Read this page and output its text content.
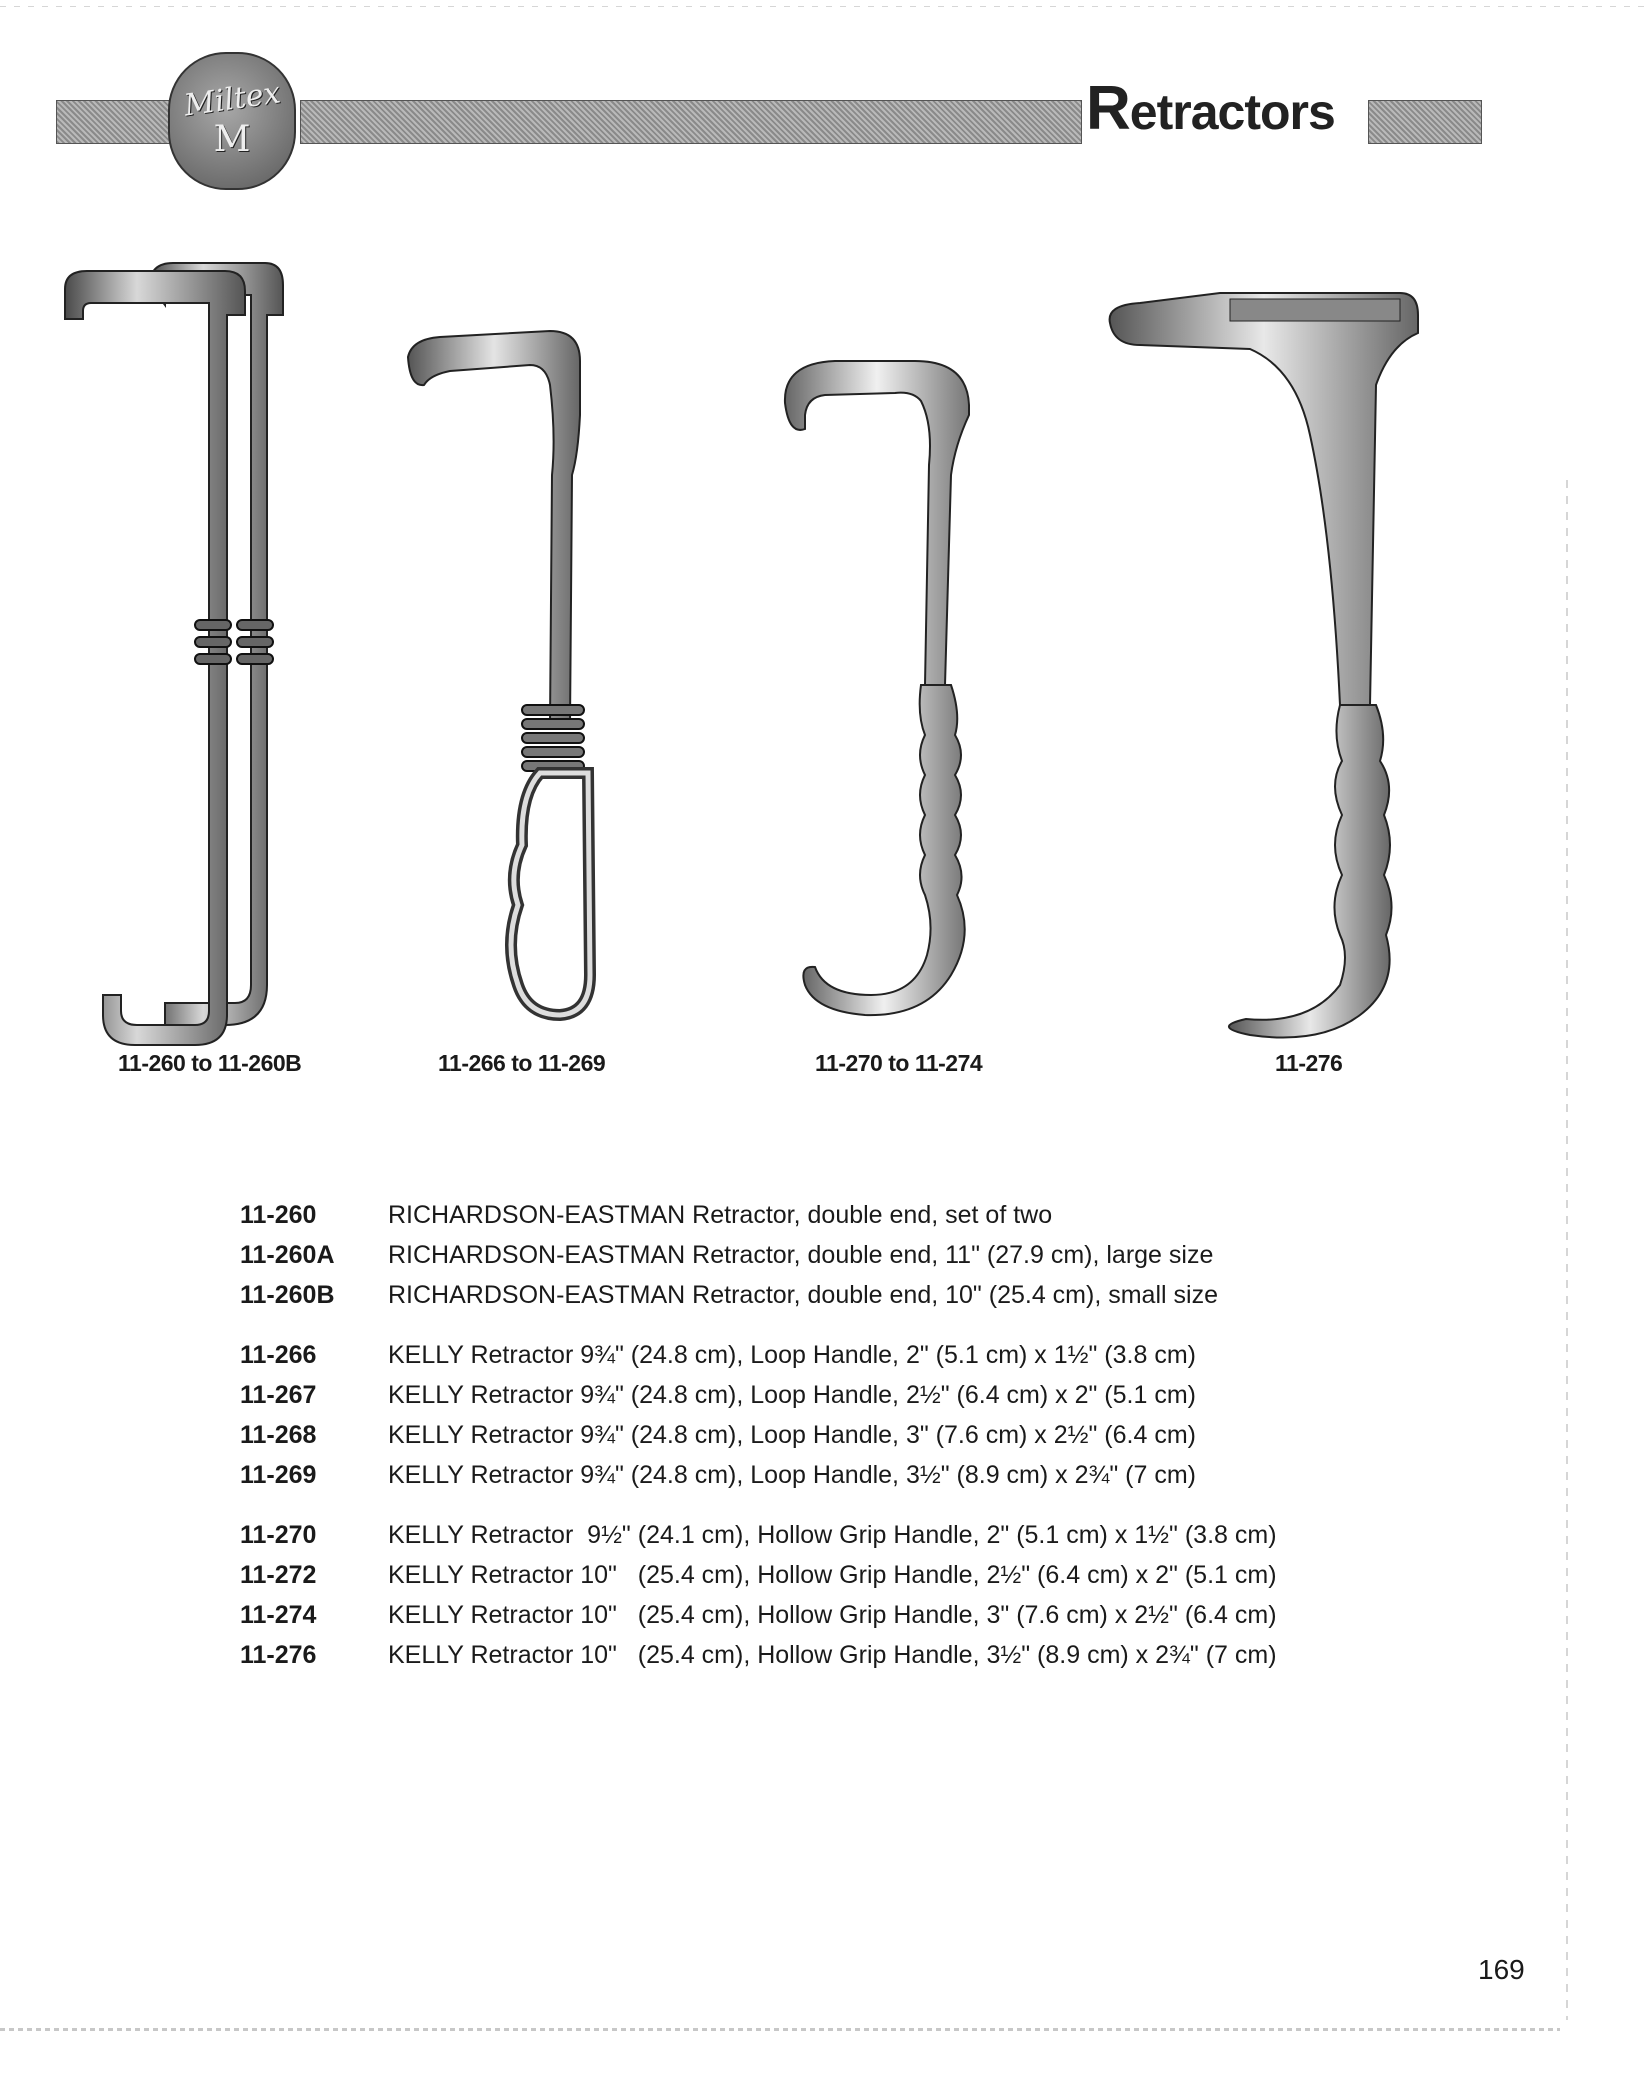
Miltex
M	Retractors
11-260 to 11-260B	11-266 to 11-269	11-270 to 11-274	11-276
11-260	RICHARDSON-EASTMAN Retractor, double end, set of two
11-260A	RICHARDSON-EASTMAN Retractor, double end, 11" (27.9 cm), large size
11-260B	RICHARDSON-EASTMAN Retractor, double end, 10" (25.4 cm), small size
11-266	KELLY Retractor 9¾" (24.8 cm), Loop Handle, 2" (5.1 cm) x 1½" (3.8 cm)
11-267	KELLY Retractor 9¾" (24.8 cm), Loop Handle, 2½" (6.4 cm) x 2" (5.1 cm)
11-268	KELLY Retractor 9¾" (24.8 cm), Loop Handle, 3" (7.6 cm) x 2½" (6.4 cm)
11-269	KELLY Retractor 9¾" (24.8 cm), Loop Handle, 3½" (8.9 cm) x 2¾" (7 cm)
11-270	KELLY Retractor  9½" (24.1 cm), Hollow Grip Handle, 2" (5.1 cm) x 1½" (3.8 cm)
11-272	KELLY Retractor 10"   (25.4 cm), Hollow Grip Handle, 2½" (6.4 cm) x 2" (5.1 cm)
11-274	KELLY Retractor 10"   (25.4 cm), Hollow Grip Handle, 3" (7.6 cm) x 2½" (6.4 cm)
11-276	KELLY Retractor 10"   (25.4 cm), Hollow Grip Handle, 3½" (8.9 cm) x 2¾" (7 cm)
169
